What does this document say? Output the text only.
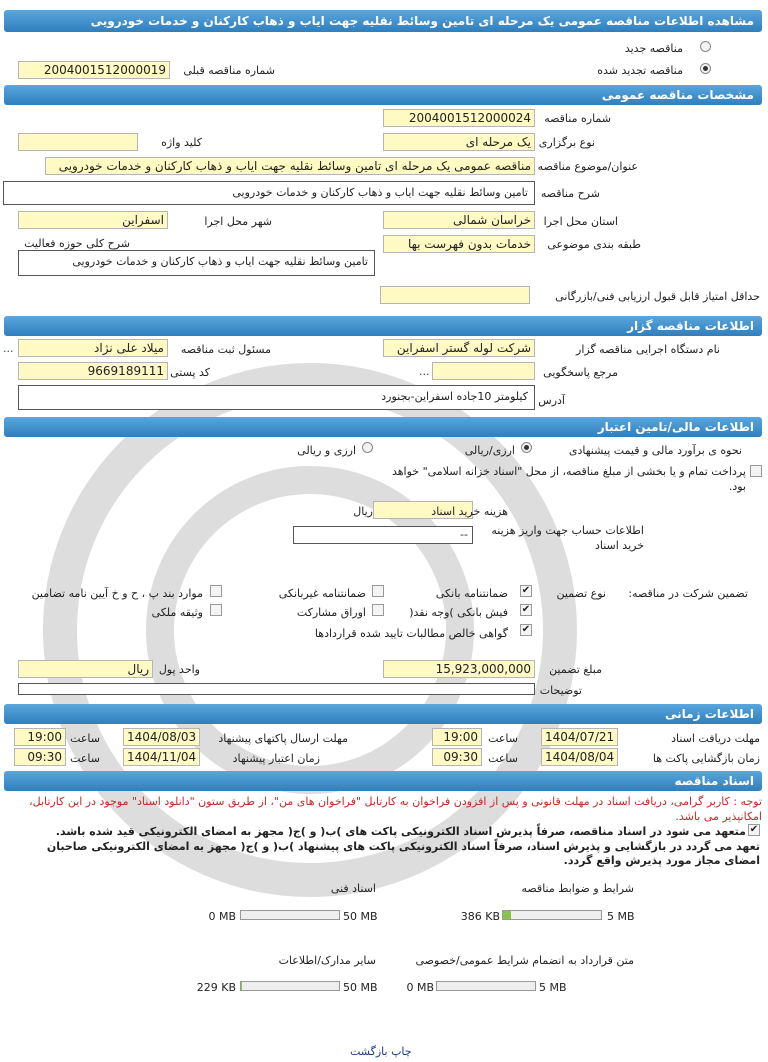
مشاهده اطلاعات مناقصه عمومی یک مرحله ای تامین وسائط نقلیه جهت ایاب و ذهاب کارکنان و خدمات خودرویی
مناقصه جدید
مناقصه تجدید شده
2004001512000019	شماره مناقصه قبلی
مشخصات مناقصه عمومی
2004001512000024	شماره مناقصه
یک مرحله ای نوع برگزاری
کلید واژه
مناقصه عمومی یک مرحله ای تامین وسائط نقلیه جهت ایاب و ذهاب کارکنان و خدمات خودرویی عنوان/موضوع مناقصه
تامین وسائط نقلیه جهت ایاب و ذهاب کارکنان و خدمات خودرویی	شرح مناقصه
خراسان شمالی	استان محل اجرا
اسفراین	شهر محل اجرا
خدمات بدون فهرست بها	طبقه بندی موضوعی
شرح کلی حوزه فعالیت
تامین وسائط نقلیه جهت ایاب و ذهاب کارکنان و خدمات خودرویی
حداقل امتیاز قابل قبول ارزیابی فنی/بازرگانی
اطلاعات مناقصه گزار
شرکت لوله گستر اسفراین	نام دستگاه اجرایی مناقصه گزار
میلاد علی نژاد	مسئول ثبت مناقصه
...
...	مرجع پاسخگویی
9669189111 کد پستی
کیلومتر 10جاده اسفراین-بجنورد آدرس
اطلاعات مالی/تامین اعتبار
نحوه ی برآورد مالی و قیمت پیشنهادی
ارزی/ریالی
ارزی و ریالی
پرداخت تمام و یا بخشی از مبلغ مناقصه، از محل "اسناد خزانه اسلامی" خواهد بود.
ریال	هزینه خرید اسناد
--	اطلاعات حساب جهت واریز هزینه خرید اسناد
تضمین شرکت در مناقصه:
نوع تضمین
✔
ضمانتنامه بانکی
ضمانتنامه غیربانکی
موارد بند پ ، ح و خ آیین نامه تضامین
✔
فیش بانکی )وجه نقد(
اوراق مشارکت
وثیقه ملکی
✔
گواهی خالص مطالبات تایید شده قراردادها
15,923,000,000	مبلغ تضمین
ریال واحد پول
توضیحات
اطلاعات زمانی
1404/07/21	مهلت دریافت اسناد
19:00 ساعت
1404/08/03	مهلت ارسال پاکتهای پیشنهاد
19:00 ساعت
1404/08/04	زمان بازگشایی پاکت ها
09:30 ساعت
1404/11/04	زمان اعتبار پیشنهاد
09:30 ساعت
اسناد مناقصه
توجه : کاربر گرامی، دریافت اسناد در مهلت قانونی و پس از افزودن فراخوان به کارتابل "فراخوان های من"، از طریق ستون "دانلود اسناد" موجود در این کارتابل، امکانپذیر می باشد.
✔
متعهد می شود در اسناد مناقصه، صرفاً پذیرش اسناد الکترونیکی پاکت های )ب( و )ج( مجهز به امضای الکترونیکی قید شده باشد.
تعهد می گردد در بازگشایی و پذیرش اسناد، صرفاً اسناد الکترونیکی پاکت های پیشنهاد )ب( و )ج( مجهز به امضای الکترونیکی صاحبان
امضای مجاز مورد پذیرش واقع گردد.
شرایط و ضوابط مناقصه
386 KB	5 MB
اسناد فنی
0 MB	50 MB
متن قرارداد به انضمام شرایط عمومی/خصوصی
0 MB	5 MB
سایر مدارک/اطلاعات
229 KB	50 MB
چاپ بازگشت
